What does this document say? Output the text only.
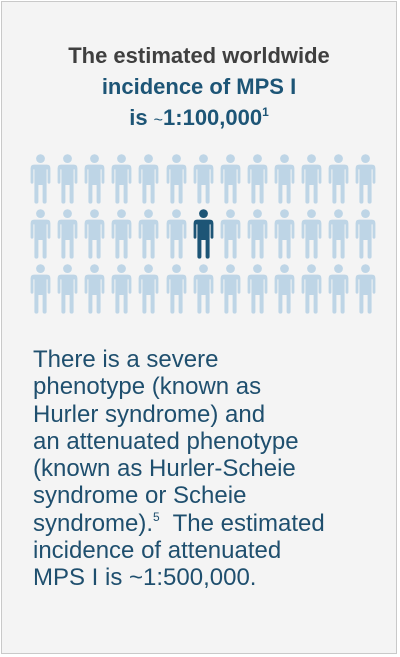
The estimated worldwide
incidence of MPS I
is ~1:100,000$^1$
There is a severe
phenotype (known as
Hurler syndrome) and
an attenuated phenotype
(known as Hurler-Scheie
syndrome or Scheie
syndrome).$^5$  The estimated
incidence of attenuated
MPS I is ~1:500,000.
